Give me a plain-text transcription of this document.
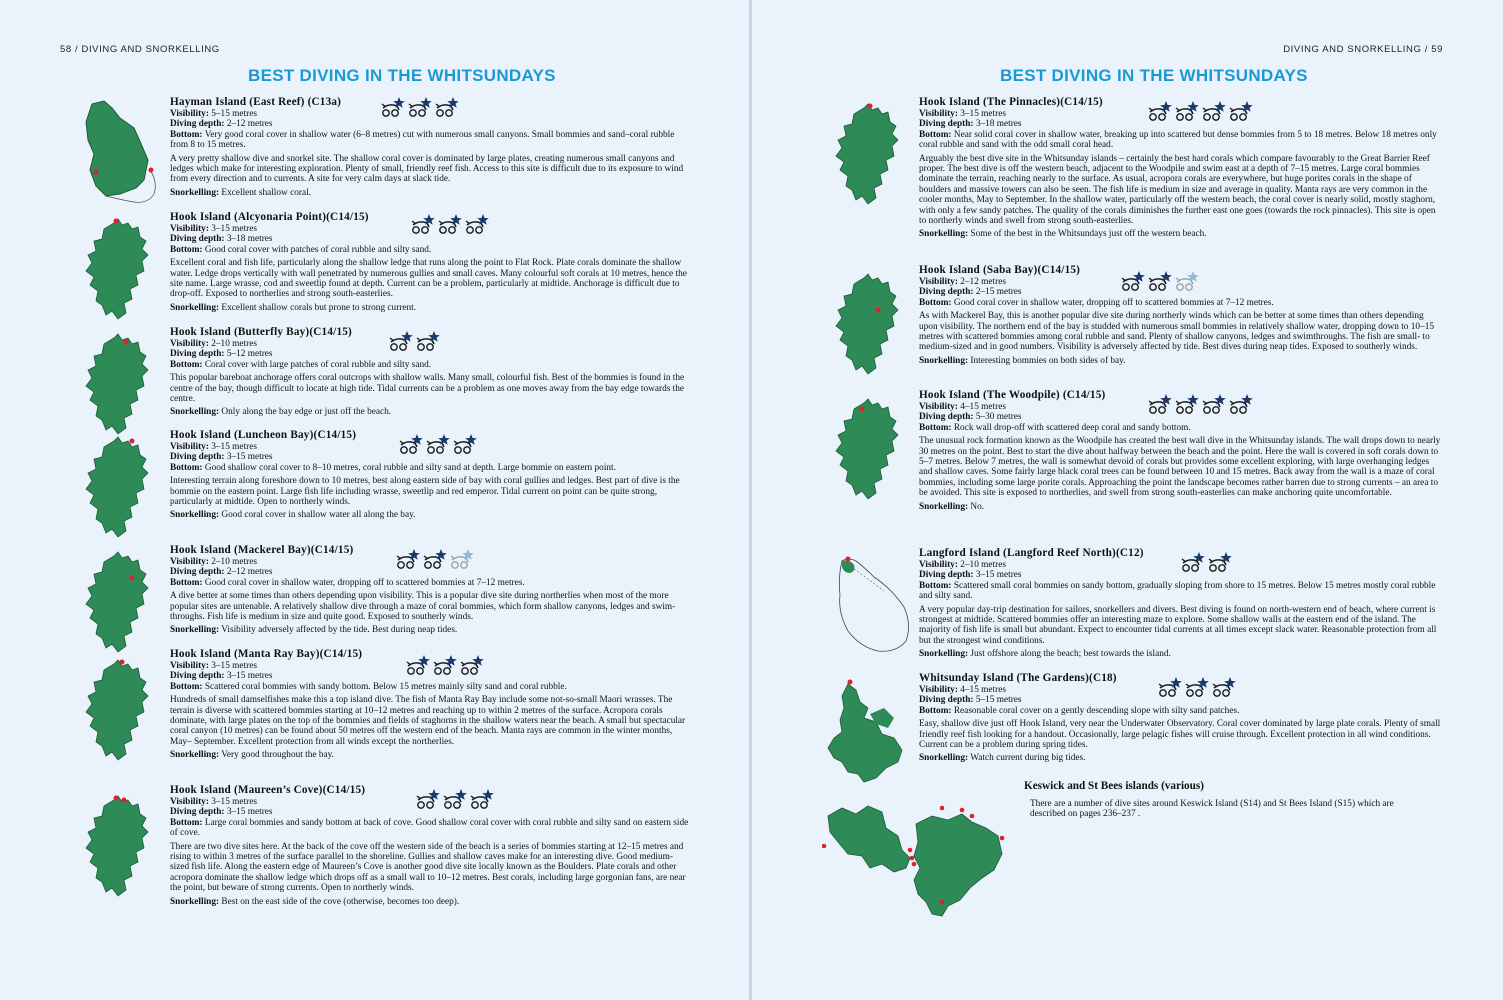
58 / DIVING AND SNORKELLING
BEST DIVING IN THE WHITSUNDAYS
Hayman Island (East Reef) (C13a)

Visibility: 5–15 metres

Diving depth: 2–12 metres

Bottom: Very good coral cover in shallow water (6–8 metres) cut with numerous small canyons. Small bommies and sand–coral rubble from 8 to 15 metres.

A very pretty shallow dive and snorkel site. The shallow coral cover is dominated by large plates, creating numerous small canyons and ledges which make for interesting exploration. Plenty of small, friendly reef fish. Access to this site is difficult due to its exposure to wind from every direction and to currents. A site for very calm days at slack tide.

Snorkelling: Excellent shallow coral.

Hook Island (Alcyonaria Point)(C14/15)

Visibility: 3–15 metres

Diving depth: 3–18 metres

Bottom: Good coral cover with patches of coral rubble and silty sand.

Excellent coral and fish life, particularly along the shallow ledge that runs along the point to Flat Rock. Plate corals dominate the shallow water. Ledge drops vertically with wall penetrated by numerous gullies and small caves. Many colourful soft corals at 10 metres, hence the site name. Large wrasse, cod and sweetlip found at depth. Current can be a problem, particularly at midtide. Anchorage is difficult due to drop-off. Exposed to northerlies and strong south-easterlies.

Snorkelling: Excellent shallow corals but prone to strong current.

Hook Island (Butterfly Bay)(C14/15)

Visibility: 2–10 metres

Diving depth: 5–12 metres

Bottom: Coral cover with large patches of coral rubble and silty sand.

This popular bareboat anchorage offers coral outcrops with shallow walls. Many small, colourful fish. Best of the bommies is found in the centre of the bay, though difficult to locate at high tide. Tidal currents can be a problem as one moves away from the bay edge towards the centre.

Snorkelling: Only along the bay edge or just off the beach.

Hook Island (Luncheon Bay)(C14/15)

Visibility: 3–15 metres

Diving depth: 3–15 metres

Bottom: Good shallow coral cover to 8–10 metres, coral rubble and silty sand at depth. Large bommie on eastern point.

Interesting terrain along foreshore down to 10 metres, best along eastern side of bay with coral gullies and ledges. Best part of dive is the bommie on the eastern point. Large fish life including wrasse, sweetlip and red emperor. Tidal current on point can be quite strong, particularly at midtide. Open to northerly winds.

Snorkelling: Good coral cover in shallow water all along the bay.

Hook Island (Mackerel Bay)(C14/15)

Visibility: 2–10 metres

Diving depth: 2–12 metres

Bottom: Good coral cover in shallow water, dropping off to scattered bommies at 7–12 metres.

A dive better at some times than others depending upon visibility. This is a popular dive site during northerlies when most of the more popular sites are untenable. A relatively shallow dive through a maze of coral bommies, which form shallow canyons, ledges and swim-throughs. Fish life is medium in size and quite good. Exposed to southerly winds.

Snorkelling: Visibility adversely affected by the tide. Best during neap tides.

Hook Island (Manta Ray Bay)(C14/15)

Visibility: 3–15 metres

Diving depth: 3–15 metres

Bottom: Scattered coral bommies with sandy bottom. Below 15 metres mainly silty sand and coral rubble.

Hundreds of small damselfishes make this a top island dive. The fish of Manta Ray Bay include some not-so-small Maori wrasses. The terrain is diverse with scattered bommies starting at 10–12 metres and reaching up to within 2 metres of the surface. Acropora corals dominate, with large plates on the top of the bommies and fields of staghorns in the shallow waters near the beach. A small but spectacular coral canyon (10 metres) can be found about 50 metres off the western end of the beach. Manta rays are common in the winter months, May– September. Excellent protection from all winds except the northerlies.

Snorkelling: Very good throughout the bay.

Hook Island (Maureen’s Cove)(C14/15)

Visibility: 3–15 metres

Diving depth: 3–15 metres

Bottom: Large coral bommies and sandy bottom at back of cove. Good shallow coral cover with coral rubble and silty sand on eastern side of cove.

There are two dive sites here. At the back of the cove off the western side of the beach is a series of bommies starting at 12–15 metres and rising to within 3 metres of the surface parallel to the shoreline. Gullies and shallow caves make for an interesting dive. Good medium-sized fish life. Along the eastern edge of Maureen’s Cove is another good dive site locally known as the Boulders. Plate corals and other acropora dominate the shallow ledge which drops off as a small wall to 10–12 metres. Best corals, including large gorgonian fans, are near the point, but beware of strong currents. Open to northerly winds.

Snorkelling: Best on the east side of the cove (otherwise, becomes too deep).

DIVING AND SNORKELLING / 59
BEST DIVING IN THE WHITSUNDAYS
Hook Island (The Pinnacles)(C14/15)

Visibility: 3–15 metres

Diving depth: 3–18 metres

Bottom: Near solid coral cover in shallow water, breaking up into scattered but dense bommies from 5 to 18 metres. Below 18 metres only coral rubble and sand with the odd small coral head.

Arguably the best dive site in the Whitsunday islands – certainly the best hard corals which compare favourably to the Great Barrier Reef proper. The best dive is off the western beach, adjacent to the Woodpile and swim east at a depth of 7–15 metres. Large coral bommies dominate the terrain, reaching nearly to the surface. As usual, acropora corals are everywhere, but huge porites corals in the shape of boulders and massive towers can also be seen. The fish life is medium in size and average in quality. Manta rays are very common in the cooler months, May to September. In the shallow water, particularly off the western beach, the coral cover is nearly solid, mostly staghorn, with only a few sandy patches. The quality of the corals diminishes the further east one goes (towards the rock pinnacles). This site is open to northerly winds and swell from strong south-easterlies.

Snorkelling: Some of the best in the Whitsundays just off the western beach.

Hook Island (Saba Bay)(C14/15)

Visibility: 2–12 metres

Diving depth: 2–15 metres

Bottom: Good coral cover in shallow water, dropping off to scattered bommies at 7–12 metres.

As with Mackerel Bay, this is another popular dive site during northerly winds which can be better at some times than others depending upon visibility. The northern end of the bay is studded with numerous small bommies in relatively shallow water, dropping down to 10–15 metres with scattered bommies among coral rubble and sand. Plenty of shallow canyons, ledges and swimthroughs. The fish are small- to medium-sized and in good numbers. Visibility is adversely affected by tide. Best dives during neap tides. Exposed to southerly winds.

Snorkelling: Interesting bommies on both sides of bay.

Hook Island (The Woodpile) (C14/15)

Visibility: 4–15 metres

Diving depth: 5–30 metres

Bottom: Rock wall drop-off with scattered deep coral and sandy bottom.

The unusual rock formation known as the Woodpile has created the best wall dive in the Whitsunday islands. The wall drops down to nearly 30 metres on the point. Best to start the dive about halfway between the beach and the point. Here the wall is covered in soft corals down to 5–7 metres. Below 7 metres, the wall is somewhat devoid of corals but provides some excellent exploring, with large overhanging ledges and shallow caves. Some fairly large black coral trees can be found between 10 and 15 metres. Back away from the wall is a maze of coral bommies, including some large porite corals. Approaching the point the landscape becomes rather barren due to strong currents – an area to be avoided. This site is exposed to northerlies, and swell from strong south-easterlies can make anchoring quite uncomfortable.

Snorkelling: No.

Langford Island (Langford Reef North)(C12)

Visibility: 2–10 metres

Diving depth: 3–15 metres

Bottom: Scattered small coral bommies on sandy bottom, gradually sloping from shore to 15 metres. Below 15 metres mostly coral rubble and silty sand.

A very popular day-trip destination for sailors, snorkellers and divers. Best diving is found on north-western end of beach, where current is strongest at midtide. Scattered bommies offer an interesting maze to explore. Some shallow walls at the eastern end of the island. The majority of fish life is small but abundant. Expect to encounter tidal currents at all times except slack water. Reasonable protection from all but the strongest wind conditions.

Snorkelling: Just offshore along the beach; best towards the island.

Whitsunday Island (The Gardens)(C18)

Visibility: 4–15 metres

Diving depth: 5–15 metres

Bottom: Reasonable coral cover on a gently descending slope with silty sand patches.

Easy, shallow dive just off Hook Island, very near the Underwater Observatory. Coral cover dominated by large plate corals. Plenty of small friendly reef fish looking for a handout. Occasionally, large pelagic fishes will cruise through. Excellent protection in all wind conditions. Current can be a problem during spring tides.

Snorkelling: Watch current during big tides.

Keswick and St Bees islands (various)
There are a number of dive sites around Keswick Island (S14) and St Bees Island (S15) which are described on pages 236–237 .
